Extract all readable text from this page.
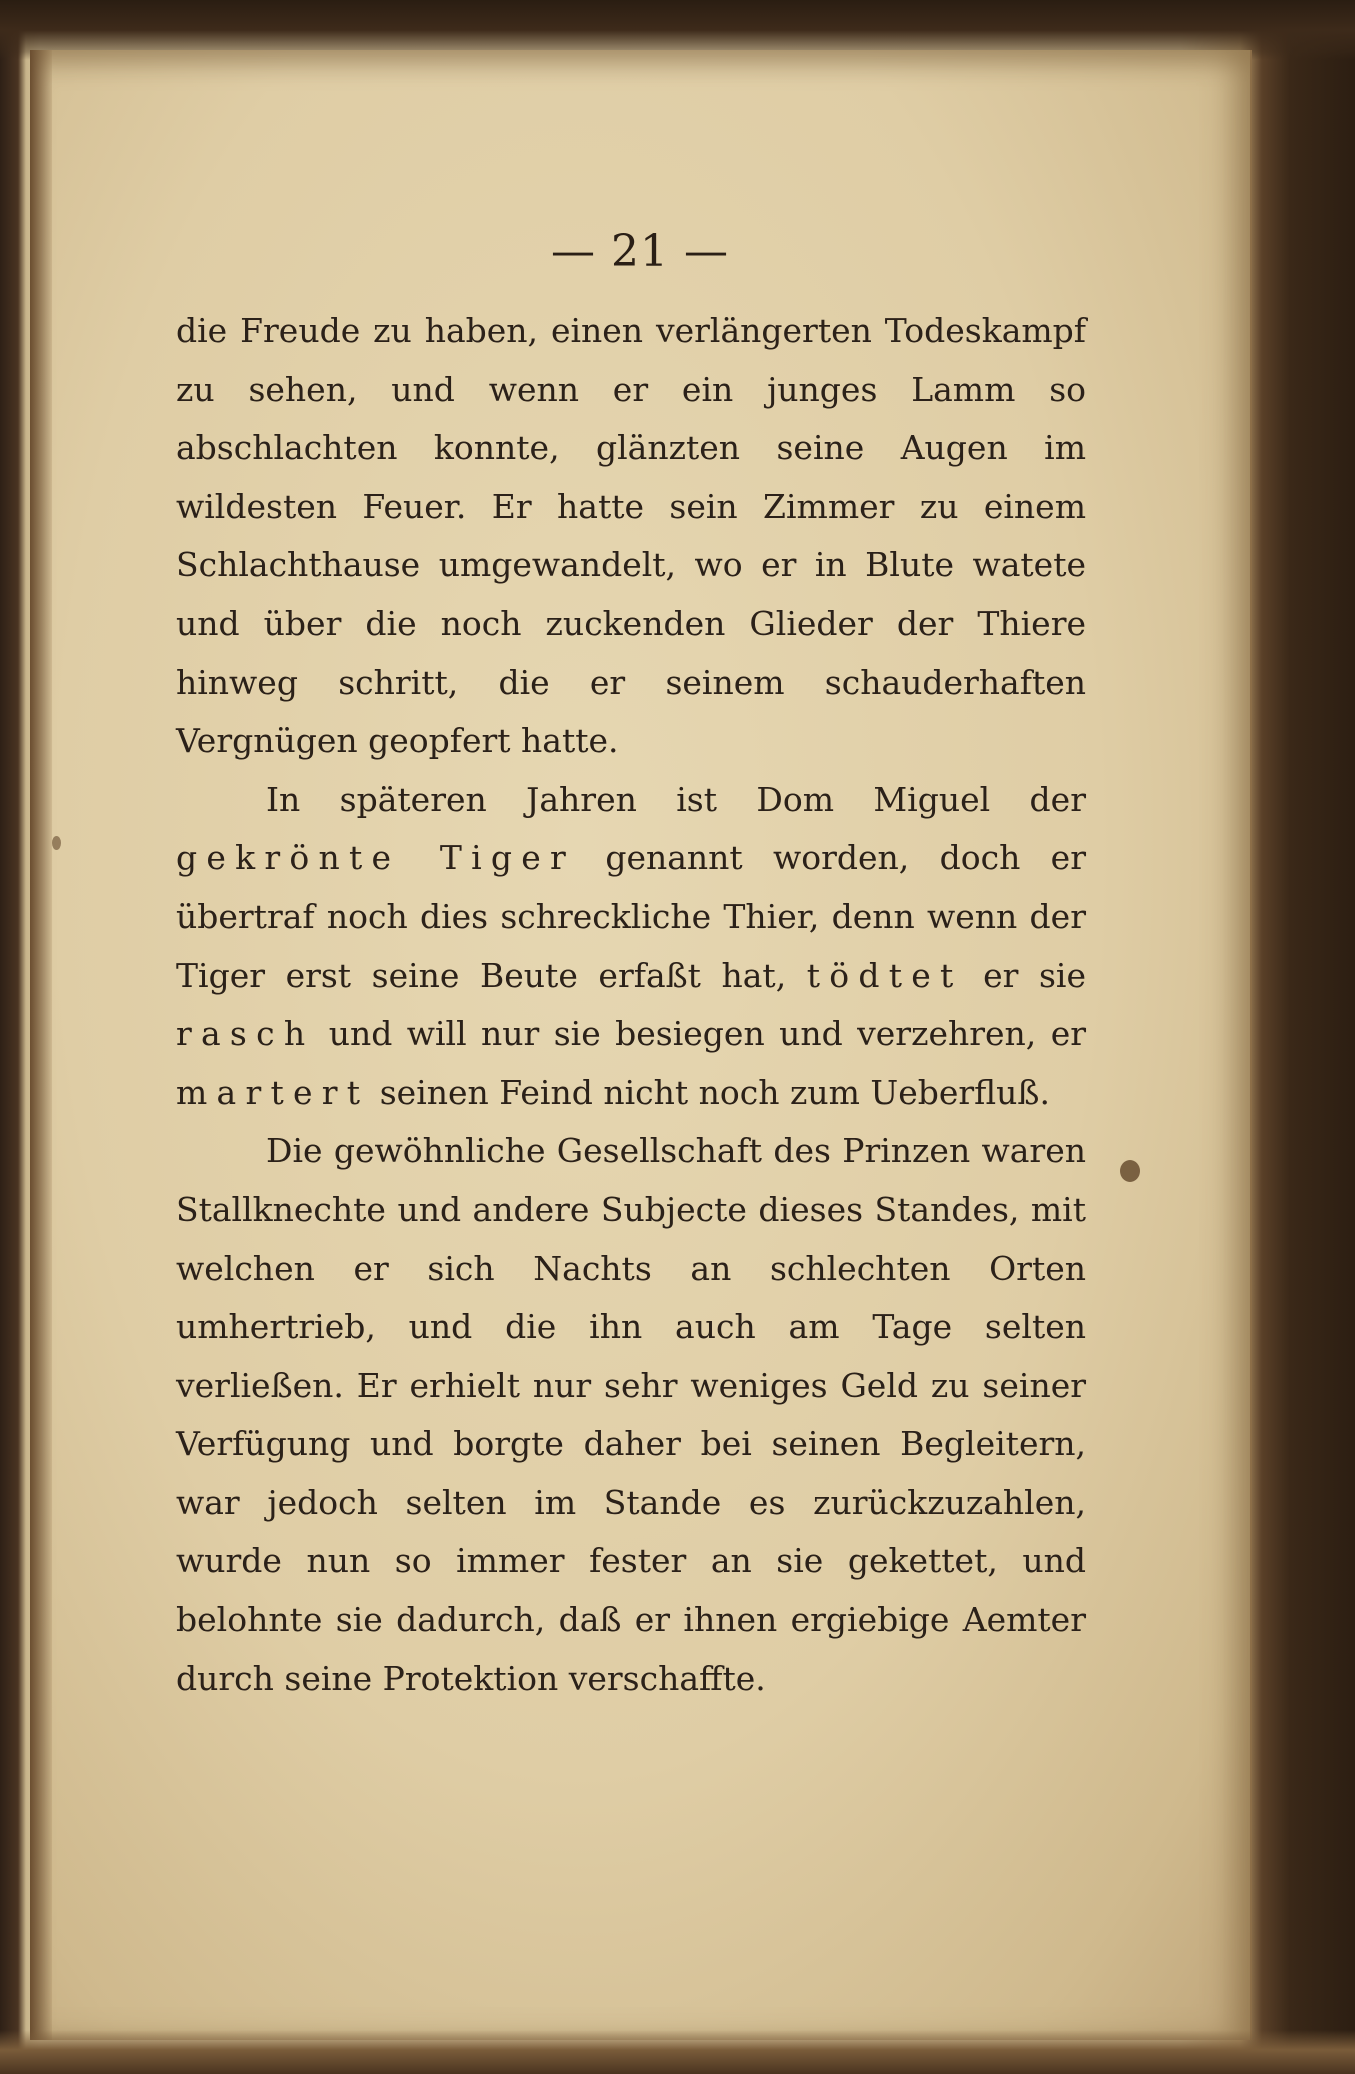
— 21 —

die Freude zu haben, einen verlängerten Todeskampf zu sehen, und wenn er ein junges Lamm so abschlachten konnte, glänzten seine Augen im wildesten Feuer. Er hatte sein Zimmer zu einem Schlachthause umgewandelt, wo er in Blute watete und über die noch zuckenden Glieder der Thiere hinweg schritt, die er seinem schauderhaften Vergnügen geopfert hatte.

In späteren Jahren ist Dom Miguel der gekrönte Tiger genannt worden, doch er übertraf noch dies schreckliche Thier, denn wenn der Tiger erst seine Beute erfaßt hat, tödtet er sie rasch und will nur sie besiegen und verzehren, er martert seinen Feind nicht noch zum Ueberfluß.

Die gewöhnliche Gesellschaft des Prinzen waren Stallknechte und andere Subjecte dieses Standes, mit welchen er sich Nachts an schlechten Orten umhertrieb, und die ihn auch am Tage selten verließen. Er erhielt nur sehr weniges Geld zu seiner Verfügung und borgte daher bei seinen Begleitern, war jedoch selten im Stande es zurückzuzahlen, wurde nun so immer fester an sie gekettet, und belohnte sie dadurch, daß er ihnen ergiebige Aemter durch seine Protektion verschaffte.
